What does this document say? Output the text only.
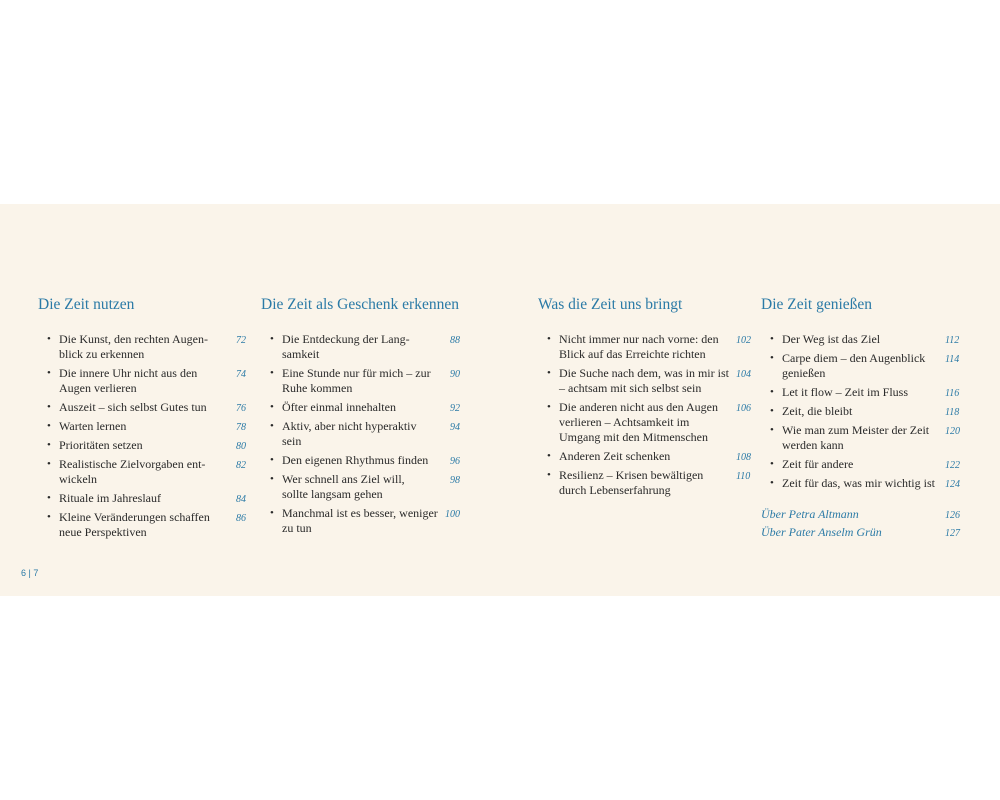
Die Zeit nutzen
• Die Kunst, den rechten Augen-blick zu erkennen
72
• Die innere Uhr nicht aus den Augen verlieren
74
• Auszeit – sich selbst Gutes tun	76
• Warten lernen	78
• Prioritäten setzen	80
• Realistische Zielvorgaben ent-wickeln
82
• Rituale im Jahreslauf	84
• Kleine Veränderungen schaffen neue Perspektiven
86
Die Zeit als Geschenk erkennen
• Die Entdeckung der Lang-samkeit
88
• Eine Stunde nur für mich – zur Ruhe kommen
90
• Öfter einmal innehalten	92
• Aktiv, aber nicht hyperaktiv sein
94
• Den eigenen Rhythmus finden	96
• Wer schnell ans Ziel will, sollte langsam gehen
98
• Manchmal ist es besser, weniger zu tun
100
Was die Zeit uns bringt
• Nicht immer nur nach vorne: den Blick auf das Erreichte richten
102
• Die Suche nach dem, was in mir ist – achtsam mit sich selbst sein
104
• Die anderen nicht aus den Augen verlieren – Achtsamkeit im Umgang mit den Mitmenschen
106
• Anderen Zeit schenken	108
• Resilienz – Krisen bewältigen durch Lebenserfahrung
110
Die Zeit genießen
• Der Weg ist das Ziel	112
• Carpe diem – den Augenblick genießen
114
• Let it flow – Zeit im Fluss	116
• Zeit, die bleibt	118
• Wie man zum Meister der Zeit werden kann
120
• Zeit für andere	122
• Zeit für das, was mir wichtig ist	124
Über Petra Altmann	126
Über Pater Anselm Grün	127
6 | 7
